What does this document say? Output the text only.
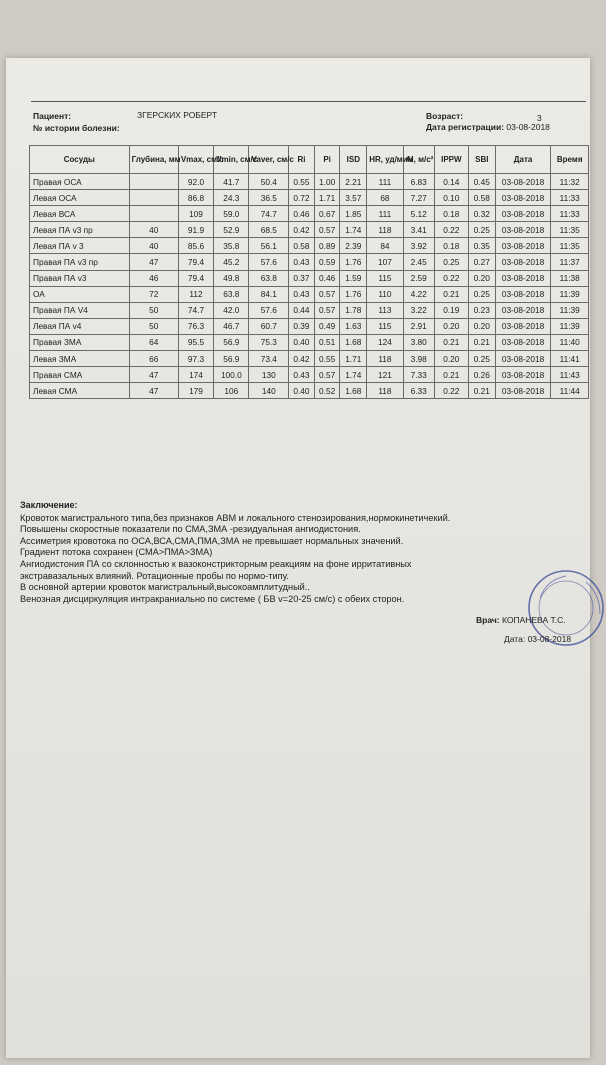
Пациент:	ЗГЕРСКИХ РОБЕРТ
№ истории болезни:
Возраст:	3
Дата регистрации: 03-08-2018
Сосуды	Глубина, мм	Vmax, см/с	Vmin, см/с	Vaver, см/с	Ri	Pi	ISD	HR, уд/мин	AI, м/с²	IPPW	SBI	Дата	Время
Правая ОСА		92.0	41.7	50.4	0.55	1.00	2.21	111	6.83	0.14	0.45	03-08-2018	11:32
Левая ОСА		86.8	24.3	36.5	0.72	1.71	3.57	68	7.27	0.10	0.58	03-08-2018	11:33
Левая ВСА		109	59.0	74.7	0.46	0.67	1.85	111	5.12	0.18	0.32	03-08-2018	11:33
Левая ПА v3 пр	40	91.9	52.9	68.5	0.42	0.57	1.74	118	3.41	0.22	0.25	03-08-2018	11:35
Левая ПА v 3	40	85.6	35.8	56.1	0.58	0.89	2.39	84	3.92	0.18	0.35	03-08-2018	11:35
Правая ПА v3 пр	47	79.4	45.2	57.6	0.43	0.59	1.76	107	2.45	0.25	0.27	03-08-2018	11:37
Правая ПА v3	46	79.4	49.8	63.8	0.37	0.46	1.59	115	2.59	0.22	0.20	03-08-2018	11:38
ОА	72	112	63.8	84.1	0.43	0.57	1.76	110	4.22	0.21	0.25	03-08-2018	11:39
Правая ПА V4	50	74.7	42.0	57.6	0.44	0.57	1.78	113	3.22	0.19	0.23	03-08-2018	11:39
Левая ПА v4	50	76.3	46.7	60.7	0.39	0.49	1.63	115	2.91	0.20	0.20	03-08-2018	11:39
Правая ЗМА	64	95.5	56.9	75.3	0.40	0.51	1.68	124	3.80	0.21	0.21	03-08-2018	11:40
Левая ЗМА	66	97.3	56.9	73.4	0.42	0.55	1.71	118	3.98	0.20	0.25	03-08-2018	11:41
Правая СМА	47	174	100.0	130	0.43	0.57	1.74	121	7.33	0.21	0.26	03-08-2018	11:43
Левая СМА	47	179	106	140	0.40	0.52	1.68	118	6.33	0.22	0.21	03-08-2018	11:44
Заключение:

Кровоток магистрального типа,без признаков АВМ и локального стенозирования,нормокинетичекий.

Повышены скоростные показатели по СМА,ЗМА -резидуальная ангиодистония.

Ассиметрия кровотока по ОСА,ВСА,СМА,ПМА,ЗМА не превышает нормальных значений.

Градиент потока сохранен (СМА>ПМА>ЗМА)

Ангиодистония ПА со склонностью к вазоконстрикторным реакциям на фоне ирритативных

экстравазальных влияний. Ротационные пробы по нормо-типу.

В основной артерии кровоток магистральный,высокоамплитудный..

Венозная дисциркуляция интракраниально по системе ( БВ v=20-25 см/с) с обеих сторон.

Врач: КОПАНЕВА Т.С.
Дата: 03-08-2018
